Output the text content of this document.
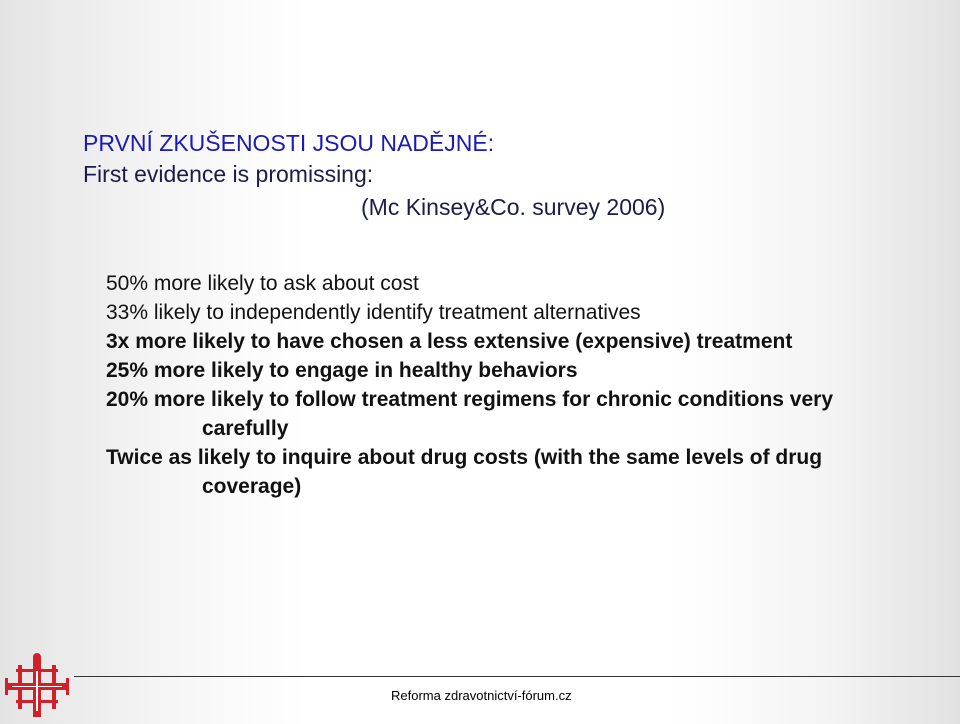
PRVNÍ ZKUŠENOSTI JSOU NADĚJNÉ:
First evidence is promissing:
(Mc Kinsey&Co. survey 2006)
50% more likely to ask about cost
33% likely to independently identify treatment alternatives
3x more likely to have chosen a less extensive (expensive) treatment
25% more likely to engage in healthy behaviors
20% more likely to follow treatment regimens for chronic conditions very carefully
Twice as likely to inquire about drug costs (with the same levels of drug coverage)
Reforma zdravotnictví-fórum.cz
